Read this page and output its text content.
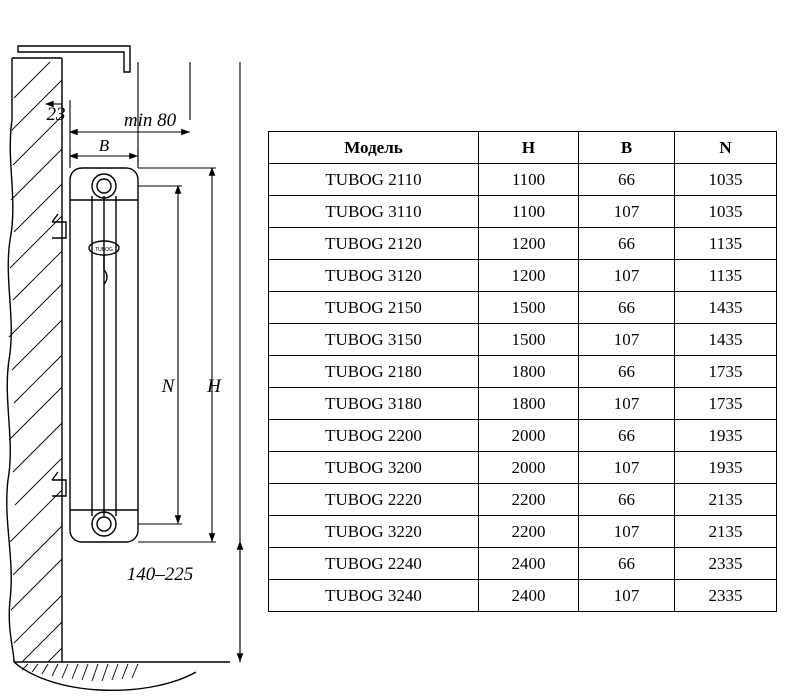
TUBOG
23	min 80
B
N H
140–225
Модель	H	B	N
TUBOG 2110	1100	66	1035
TUBOG 3110	1100	107	1035
TUBOG 2120	1200	66	1135
TUBOG 3120	1200	107	1135
TUBOG 2150	1500	66	1435
TUBOG 3150	1500	107	1435
TUBOG 2180	1800	66	1735
TUBOG 3180	1800	107	1735
TUBOG 2200	2000	66	1935
TUBOG 3200	2000	107	1935
TUBOG 2220	2200	66	2135
TUBOG 3220	2200	107	2135
TUBOG 2240	2400	66	2335
TUBOG 3240	2400	107	2335
